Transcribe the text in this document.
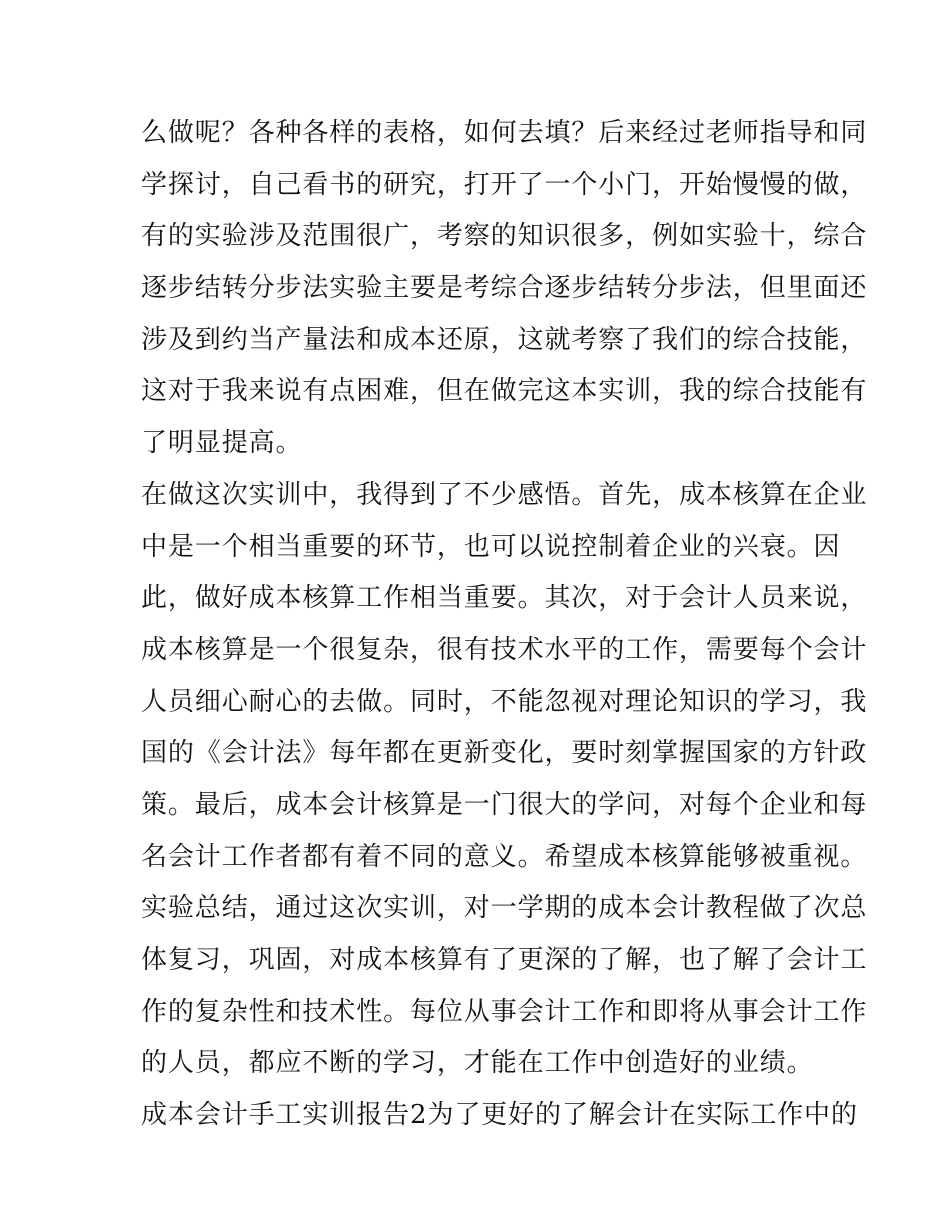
么做呢？各种各样的表格，如何去填？后来经过老师指导和同
学探讨，自己看书的研究，打开了一个小门，开始慢慢的做，
有的实验涉及范围很广，考察的知识很多，例如实验十，综合
逐步结转分步法实验主要是考综合逐步结转分步法，但里面还
涉及到约当产量法和成本还原，这就考察了我们的综合技能，
这对于我来说有点困难，但在做完这本实训，我的综合技能有
了明显提高。
在做这次实训中，我得到了不少感悟。首先，成本核算在企业
中是一个相当重要的环节，也可以说控制着企业的兴衰。因
此，做好成本核算工作相当重要。其次，对于会计人员来说，
成本核算是一个很复杂，很有技术水平的工作，需要每个会计
人员细心耐心的去做。同时，不能忽视对理论知识的学习，我
国的《会计法》每年都在更新变化，要时刻掌握国家的方针政
策。最后，成本会计核算是一门很大的学问，对每个企业和每
名会计工作者都有着不同的意义。希望成本核算能够被重视。
实验总结，通过这次实训，对一学期的成本会计教程做了次总
体复习，巩固，对成本核算有了更深的了解，也了解了会计工
作的复杂性和技术性。每位从事会计工作和即将从事会计工作
的人员，都应不断的学习，才能在工作中创造好的业绩。
成本会计手工实训报告2为了更好的了解会计在实际工作中的
